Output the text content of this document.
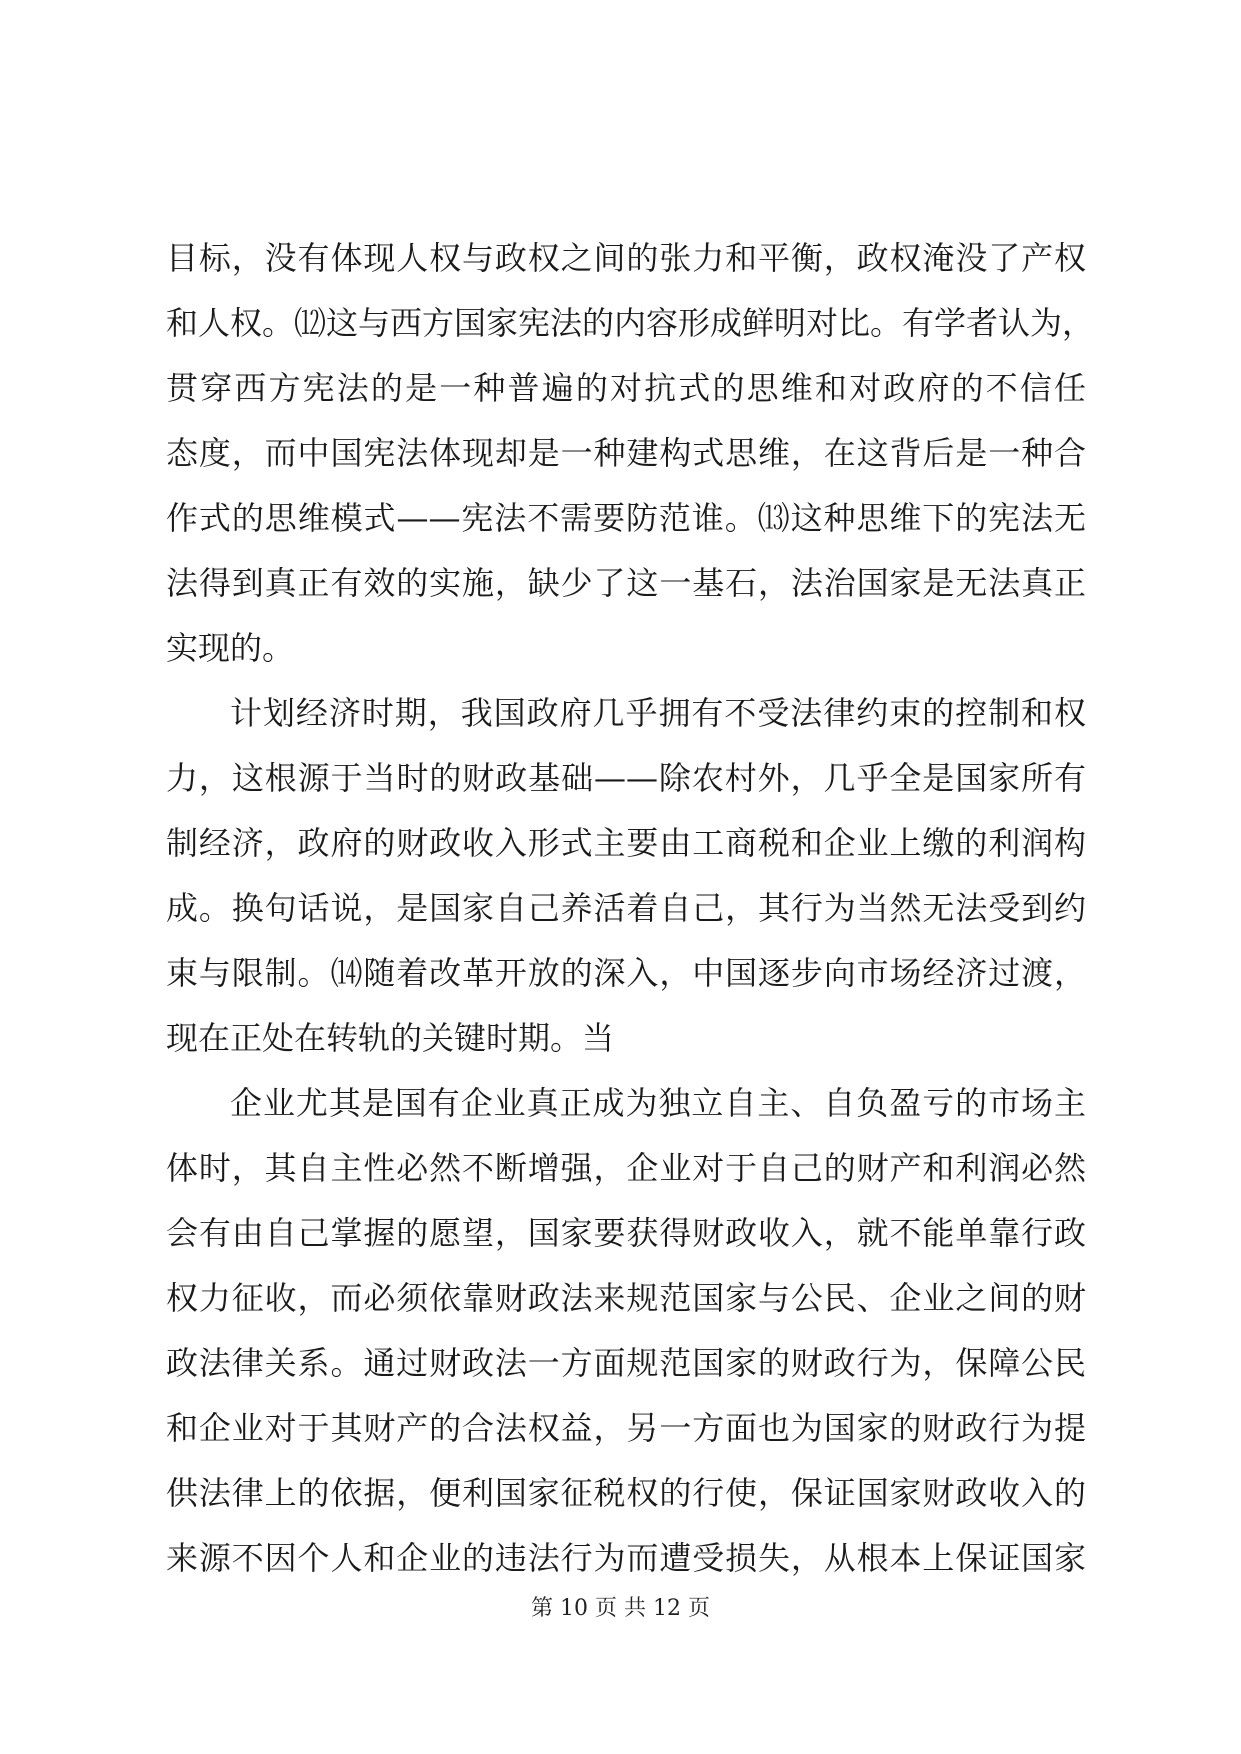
目标，没有体现人权与政权之间的张力和平衡，政权淹没了产权
和人权。⑿这与西方国家宪法的内容形成鲜明对比。有学者认为，
贯穿西方宪法的是一种普遍的对抗式的思维和对政府的不信任
态度，而中国宪法体现却是一种建构式思维，在这背后是一种合
作式的思维模式——宪法不需要防范谁。⒀这种思维下的宪法无
法得到真正有效的实施，缺少了这一基石，法治国家是无法真正
实现的。
计划经济时期，我国政府几乎拥有不受法律约束的控制和权
力，这根源于当时的财政基础——除农村外，几乎全是国家所有
制经济，政府的财政收入形式主要由工商税和企业上缴的利润构
成。换句话说，是国家自己养活着自己，其行为当然无法受到约
束与限制。⒁随着改革开放的深入，中国逐步向市场经济过渡，
现在正处在转轨的关键时期。当
企业尤其是国有企业真正成为独立自主、自负盈亏的市场主
体时，其自主性必然不断增强，企业对于自己的财产和利润必然
会有由自己掌握的愿望，国家要获得财政收入，就不能单靠行政
权力征收，而必须依靠财政法来规范国家与公民、企业之间的财
政法律关系。通过财政法一方面规范国家的财政行为，保障公民
和企业对于其财产的合法权益，另一方面也为国家的财政行为提
供法律上的依据，便利国家征税权的行使，保证国家财政收入的
来源不因个人和企业的违法行为而遭受损失，从根本上保证国家
第 10 页 共 12 页
